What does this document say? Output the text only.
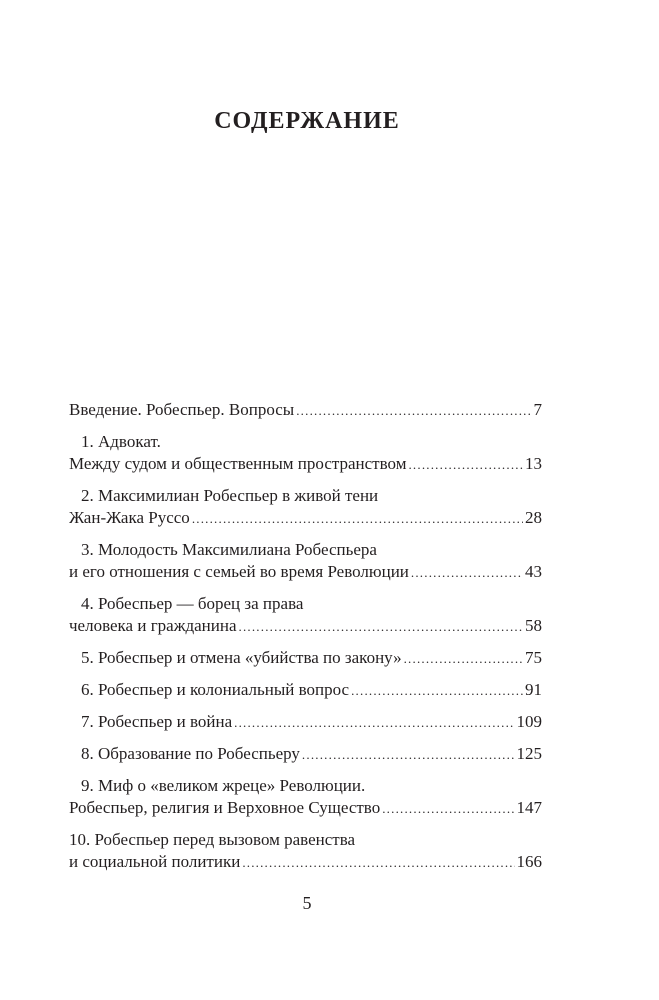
СОДЕРЖАНИЕ
Введение. Робеспьер. Вопросы .....	7
1. Адвокат.
Между судом и общественным пространством .....	13
2. Максимилиан Робеспьер в живой тени
Жан-Жака Руссо .....	28
3. Молодость Максимилиана Робеспьера
и его отношения с семьей во время Революции .....	43
4. Робеспьер — борец за права
человека и гражданина .....	58
5. Робеспьер и отмена «убийства по закону» .....	75
6. Робеспьер и колониальный вопрос .....	91
7. Робеспьер и война .....	109
8. Образование по Робеспьеру .....	125
9. Миф о «великом жреце» Революции.
Робеспьер, религия и Верховное Существо .....	147
10. Робеспьер перед вызовом равенства
и социальной политики .....	166
5
